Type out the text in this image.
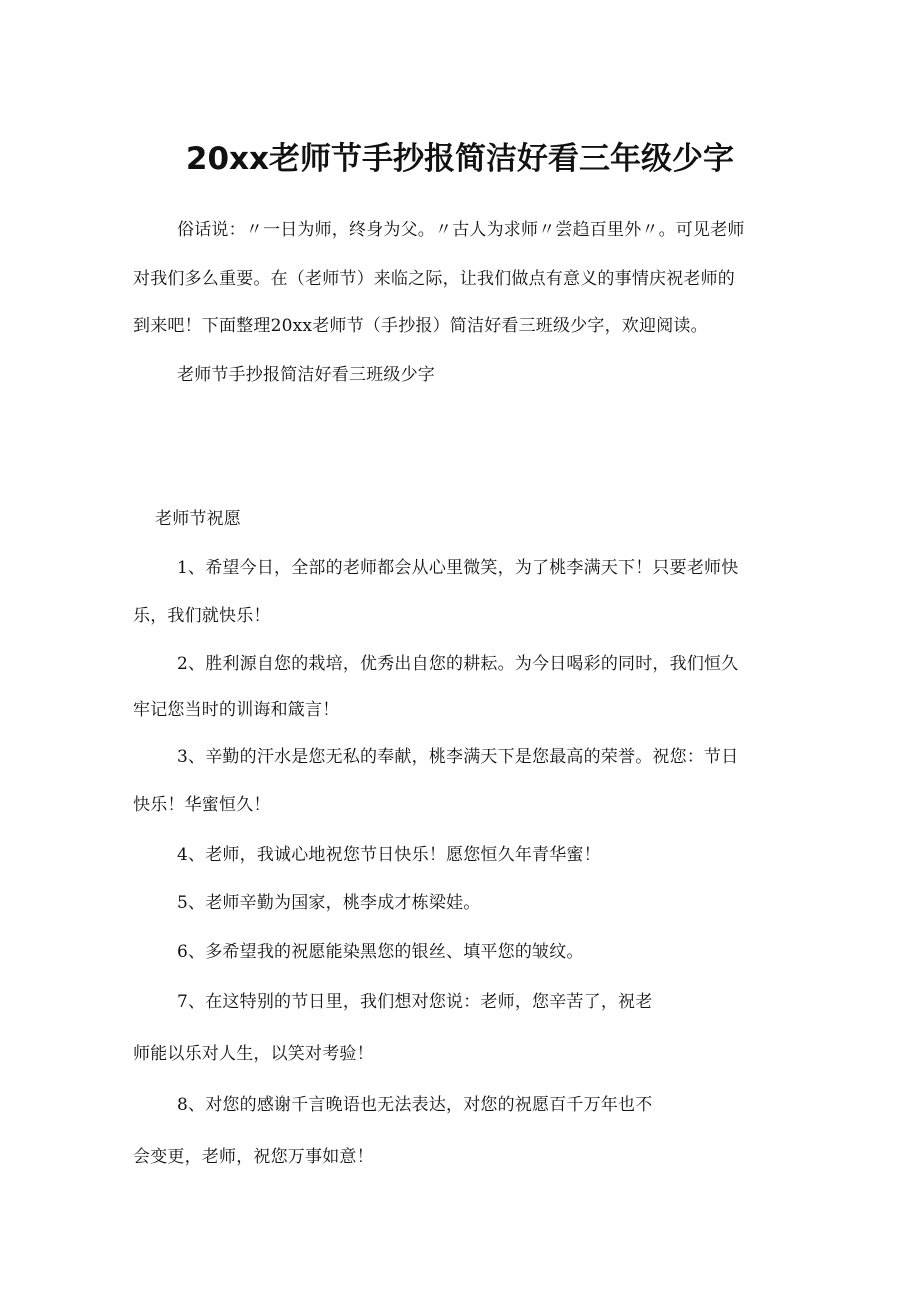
20xx老师节手抄报简洁好看三年级少字
俗话说：〃一日为师，终身为父。〃古人为求师〃尝趋百里外〃。可见老师
对我们多么重要。在（老师节）来临之际，让我们做点有意义的事情庆祝老师的
到来吧！下面整理20xx老师节（手抄报）简洁好看三班级少字，欢迎阅读。
老师节手抄报简洁好看三班级少字
老师节祝愿
1、希望今日，全部的老师都会从心里微笑，为了桃李满天下！只要老师快
乐，我们就快乐！
2、胜利源自您的栽培，优秀出自您的耕耘。为今日喝彩的同时，我们恒久
牢记您当时的训诲和箴言！
3、辛勤的汗水是您无私的奉献，桃李满天下是您最高的荣誉。祝您：节日
快乐！华蜜恒久！
4、老师，我诚心地祝您节日快乐！愿您恒久年青华蜜！
5、老师辛勤为国家，桃李成才栋梁娃。
6、多希望我的祝愿能染黑您的银丝、填平您的皱纹。
7、在这特别的节日里，我们想对您说：老师，您辛苦了，祝老
师能以乐对人生，以笑对考验！
8、对您的感谢千言晚语也无法表达，对您的祝愿百千万年也不
会变更，老师，祝您万事如意！
